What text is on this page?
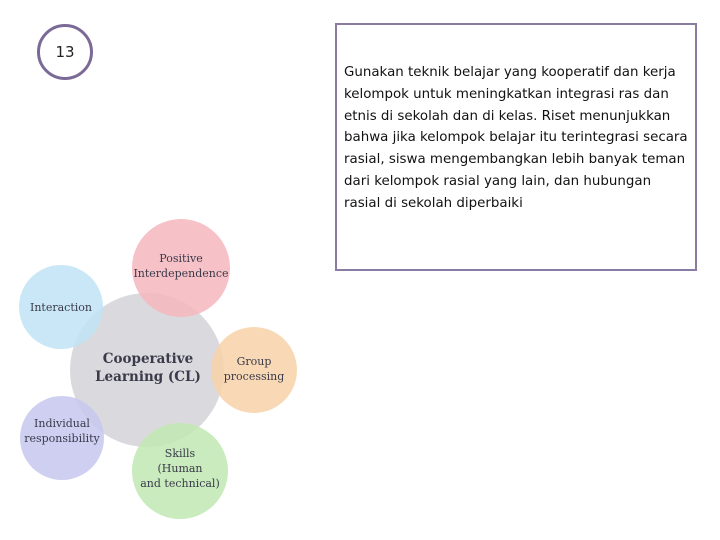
13

Gunakan teknik belajar yang kooperatif dan kerja kelompok untuk meningkatkan integrasi ras dan etnis di sekolah dan di kelas. Riset menunjukkan bahwa jika kelompok belajar itu terintegrasi secara rasial, siswa mengembangkan lebih banyak teman dari kelompok rasial yang lain, dan hubungan rasial di sekolah diperbaiki

Cooperative
Learning (CL)
Positive
Interdependence
Group
processing
Skills
(Human
and technical)
Individual
responsibility
Interaction
